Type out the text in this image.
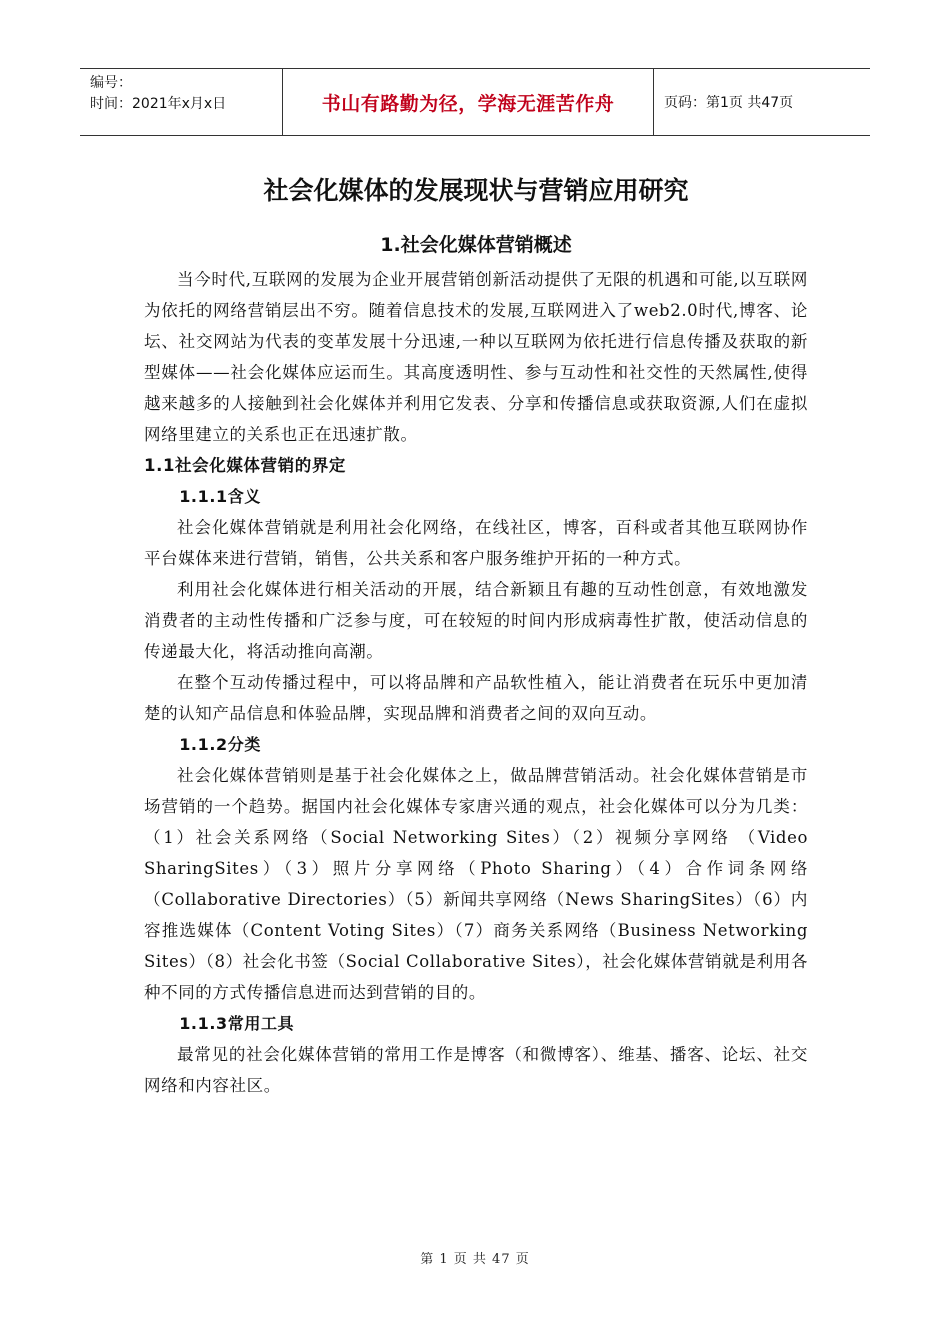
编号：
时间：2021年x月x日	书山有路勤为径，学海无涯苦作舟	页码：第1页 共47页
社会化媒体的发展现状与营销应用研究
1.社会化媒体营销概述

当今时代,互联网的发展为企业开展营销创新活动提供了无限的机遇和可能,以互联网为依托的网络营销层出不穷。随着信息技术的发展,互联网进入了web2.0时代,博客、论坛、社交网站为代表的变革发展十分迅速,一种以互联网为依托进行信息传播及获取的新型媒体——社会化媒体应运而生。其高度透明性、参与互动性和社交性的天然属性,使得越来越多的人接触到社会化媒体并利用它发表、分享和传播信息或获取资源,人们在虚拟网络里建立的关系也正在迅速扩散。

1.1社会化媒体营销的界定

1.1.1含义

社会化媒体营销就是利用社会化网络，在线社区，博客，百科或者其他互联网协作平台媒体来进行营销，销售，公共关系和客户服务维护开拓的一种方式。

利用社会化媒体进行相关活动的开展，结合新颖且有趣的互动性创意，有效地激发消费者的主动性传播和广泛参与度，可在较短的时间内形成病毒性扩散，使活动信息的传递最大化，将活动推向高潮。

在整个互动传播过程中，可以将品牌和产品软性植入，能让消费者在玩乐中更加清楚的认知产品信息和体验品牌，实现品牌和消费者之间的双向互动。

1.1.2分类

社会化媒体营销则是基于社会化媒体之上，做品牌营销活动。社会化媒体营销是市场营销的一个趋势。据国内社会化媒体专家唐兴通的观点，社会化媒体可以分为几类：（1）社会关系网络（Social Networking Sites）（2）视频分享网络 （Video SharingSites）（3）照片分享网络（Photo Sharing）（4）合作词条网络（Collaborative Directories）（5）新闻共享网络（News SharingSites）（6）内容推选媒体（Content Voting Sites）（7）商务关系网络（Business Networking Sites）（8）社会化书签（Social Collaborative Sites），社会化媒体营销就是利用各种不同的方式传播信息进而达到营销的目的。

1.1.3常用工具

最常见的社会化媒体营销的常用工作是博客（和微博客）、维基、播客、论坛、社交网络和内容社区。

第 1 页 共 47 页
